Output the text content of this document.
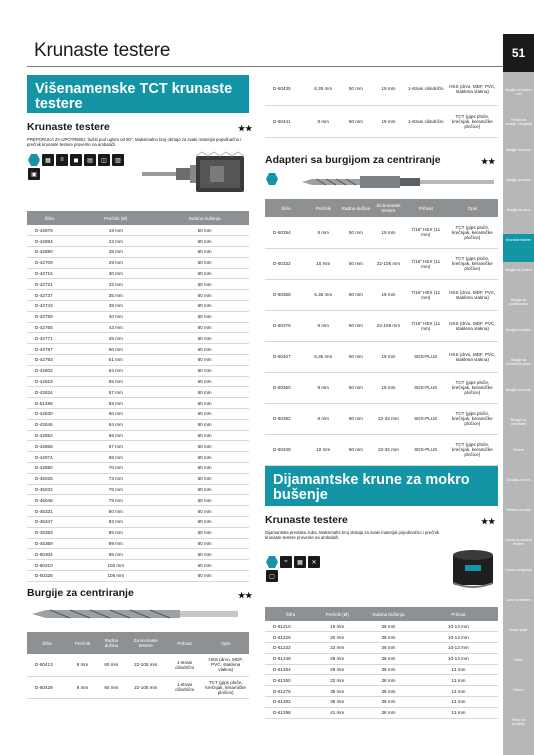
Krunaste testere	51
Burgije za kamen i zid
Prihvat za rezanje, struganje
Burgije za beton
Burgije za metal
Burgije za drvo
Krunaste testere
Burgije za plocice
Burgije za pocinkovano
Burgije za staklo
Burgije za keramicke ploce
Burgije za svrdlo
Burgije za presvlake
Testere
Glodala za drvo
Testere za metal
Listovi za ubodne testere
Listovi za tigranje
Lanci za testere
Brusni papir
Četke
Noževi
Pribor za punjenje
Višenamenske TCT krunaste testere
Krunaste testere	★★
PREPORUKA ZA UPOTREBU: bušiti pod uglom od 90°. Maksimalno broj obrtaja za svaki materijal pojedinačno i prečnik krunaste testere proverite na ambalaži.
▦	≡	◼	▤	◫	▥
▣
Šifra	Prečnik (Ø)	Dubina bušenja
D-42879	19 mm	50 mm
D-42884	22 mm	60 mm
D-42890	25 mm	60 mm
D-42709	29 mm	60 mm
D-42715	30 mm	60 mm
D-42721	32 mm	60 mm
D-42737	35 mm	60 mm
D-42743	38 mm	60 mm
D-42759	40 mm	60 mm
D-42765	43 mm	60 mm
D-42771	45 mm	60 mm
D-42787	50 mm	60 mm
D-42793	51 mm	60 mm
D-42802	54 mm	60 mm
D-42818	55 mm	60 mm
D-42824	57 mm	60 mm
D-51488	59 mm	60 mm
D-42830	60 mm	60 mm
D-42846	64 mm	60 mm
D-42852	65 mm	60 mm
D-42868	67 mm	60 mm
D-42874	68 mm	60 mm
D-42880	70 mm	60 mm
D-45026	73 mm	60 mm
D-45032	76 mm	60 mm
D-45048	79 mm	60 mm
D-45331	80 mm	60 mm
D-45347	83 mm	60 mm
D-45353	85 mm	60 mm
D-45369	89 mm	60 mm
D-50304	95 mm	60 mm
D-50310	102 mm	60 mm
D-50326	105 mm	60 mm
Burgije za centriranje	★★
Šifra	Prečnik	Radna dužina	Za krunaste testere	Prihvat	Opis
D-50413	8 mm	60 mm	22-105 mm	1-strani cilindrični	HSS (drvo, MDF, PVC, staklena vlakna)
D-50429	8 mm	60 mm	22-105 mm	1-strani cilindrični	TCT (gips ploče, krečnjak, keramičke pločice)
D-50435	6,35 mm	50 mm	19 mm	1-strani cilindrični	HSS (drvo, MDF, PVC, staklena vlakna)
D-50441	8 mm	50 mm	19 mm	1-strani cilindrični	TCT (gips ploče, krečnjak, keramičke pločice)
Adapteri sa burgijom za centriranje	★★
Šifra	Prečnik	Radna dužina	Za krunaste testere	Prihvat	Opis
D-50354	8 mm	50 mm	19 mm	7/16" HEX (11 mm)	TCT (gips ploče, krečnjak, keramičke pločice)
D-50332	10 mm	60 mm	22-105 mm	7/16" HEX (11 mm)	TCT (gips ploče, krečnjak, keramičke pločice)
D-50368	6,35 mm	50 mm	19 mm	7/16" HEX (11 mm)	HSS (drvo, MDF, PVC, staklena vlakna)
D-50376	8 mm	60 mm	22-105 mm	7/16" HEX (11 mm)	HSS (drvo, MDF, PVC, staklena vlakna)
D-50407	6,35 mm	50 mm	19 mm	SDS-PLUS	HSS (drvo, MDF, PVC, staklena vlakna)
D-50360	8 mm	50 mm	19 mm	SDS-PLUS	TCT (gips ploče, krečnjak, keramičke pločice)
D-50382	8 mm	60 mm	22-32 mm	SDS-PLUS	TCT (gips ploče, krečnjak, keramičke pločice)
D-50348	10 mm	60 mm	22-32 mm	SDS-PLUS	TCT (gips ploče, krečnjak, keramičke pločice)
Dijamantske krune za mokro bušenje
Krunaste testere	★★
Dijamantska prevlaka zuba. Maksimalni broj obrtaja za svaki materijal pojedinačno i prečnik krunaste testere proverite na ambalaži.
≈	▦	✕
▢
Šifra	Prečnik (Ø)	Dubina bušenja	Prihvat
D-61210	16 mm	38 mm	10-13 mm
D-61226	20 mm	38 mm	10-13 mm
D-61232	22 mm	38 mm	10-13 mm
D-61248	25 mm	38 mm	10-13 mm
D-61254	29 mm	38 mm	13 mm
D-61260	32 mm	38 mm	13 mm
D-61276	35 mm	38 mm	13 mm
D-61282	38 mm	38 mm	13 mm
D-61298	41 mm	38 mm	13 mm
